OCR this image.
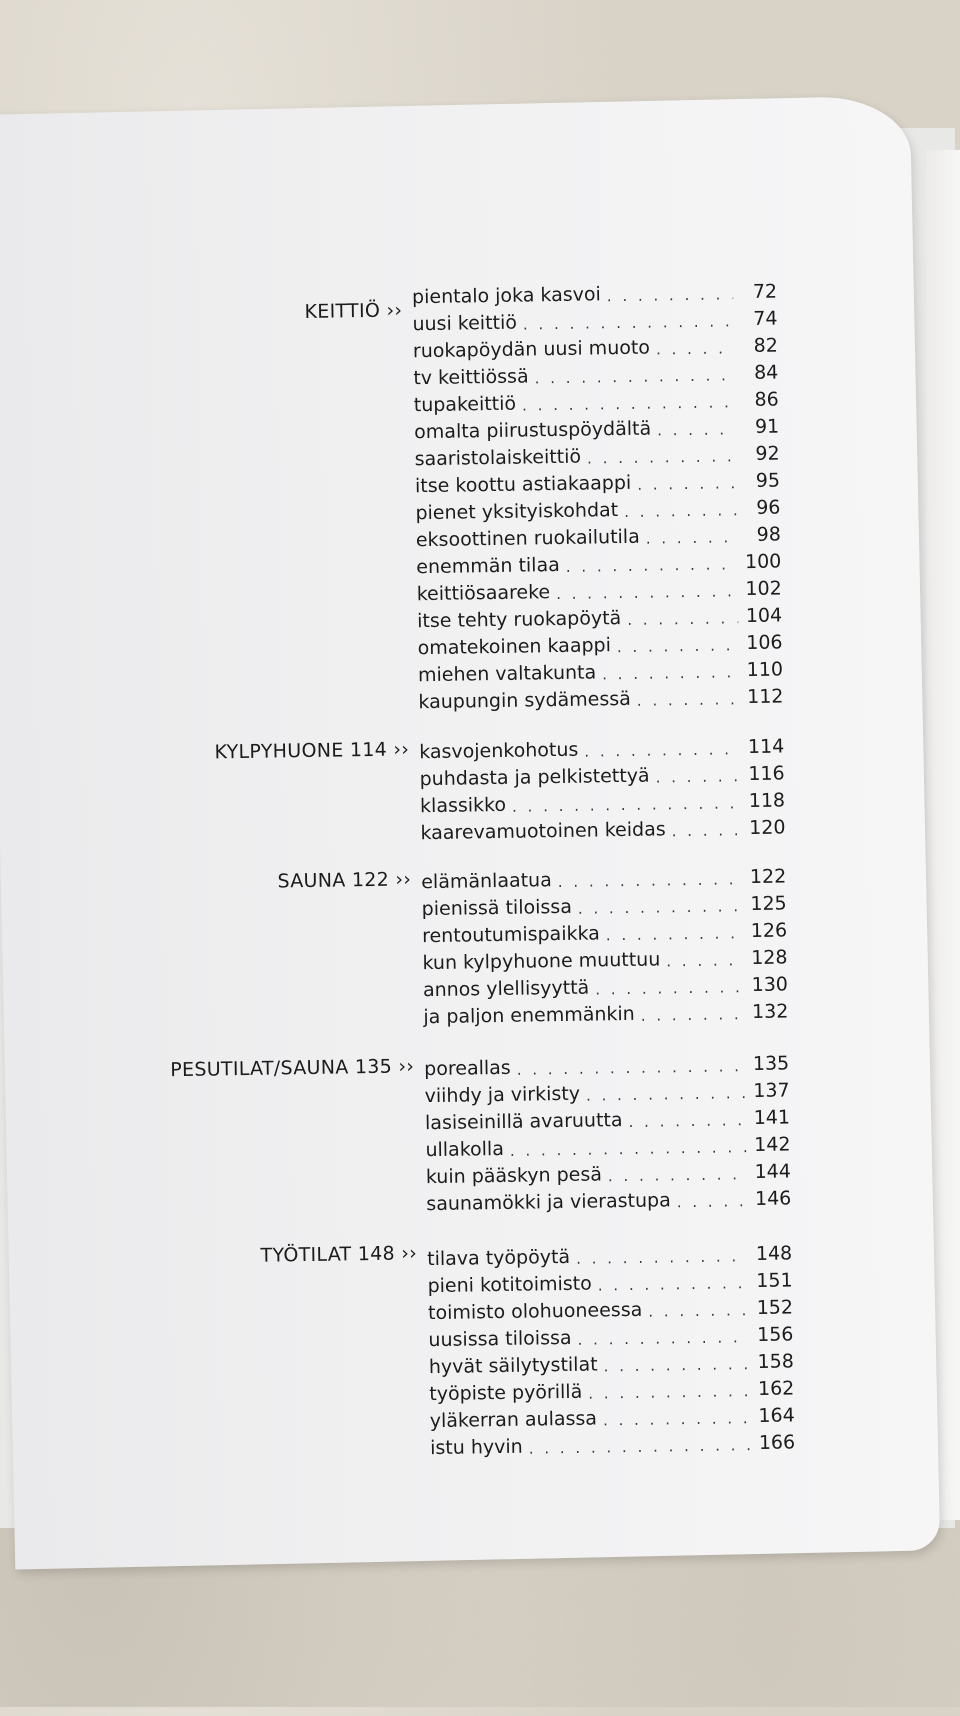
KEITTIÖ ››
pientalo joka kasvoi . . .	72
uusi keittiö . . .	74
ruokapöydän uusi muoto . . .	82
tv keittiössä . . .	84
tupakeittiö . . .	86
omalta piirustuspöydältä . . .	91
saaristolaiskeittiö . . .	92
itse koottu astiakaappi . . .	95
pienet yksityiskohdat . . .	96
eksoottinen ruokailutila . . .	98
enemmän tilaa . . .	100
keittiösaareke . . .	102
itse tehty ruokapöytä . . .	104
omatekoinen kaappi . . .	106
miehen valtakunta . . .	110
kaupungin sydämessä . . .	112
KYLPYHUONE 114 ›› kasvojenkohotus . . .	114
puhdasta ja pelkistettyä . . .	116
klassikko . . .	118
kaarevamuotoinen keidas . . .	120
SAUNA 122 ›› elämänlaatua . . .	122
pienissä tiloissa . . .	125
rentoutumispaikka . . .	126
kun kylpyhuone muuttuu . . .	128
annos ylellisyyttä . . .	130
ja paljon enemmänkin . . .	132
PESUTILAT/SAUNA 135 ›› poreallas . . .	135
viihdy ja virkisty . . .	137
lasiseinillä avaruutta . . .	141
ullakolla . . .	142
kuin pääskyn pesä . . .	144
saunamökki ja vierastupa . . .	146
TYÖTILAT 148 ›› tilava työpöytä . . .	148
pieni kotitoimisto . . .	151
toimisto olohuoneessa . . .	152
uusissa tiloissa . . .	156
hyvät säilytystilat . . .	158
työpiste pyörillä . . .	162
yläkerran aulassa . . .	164
istu hyvin . . .	166
